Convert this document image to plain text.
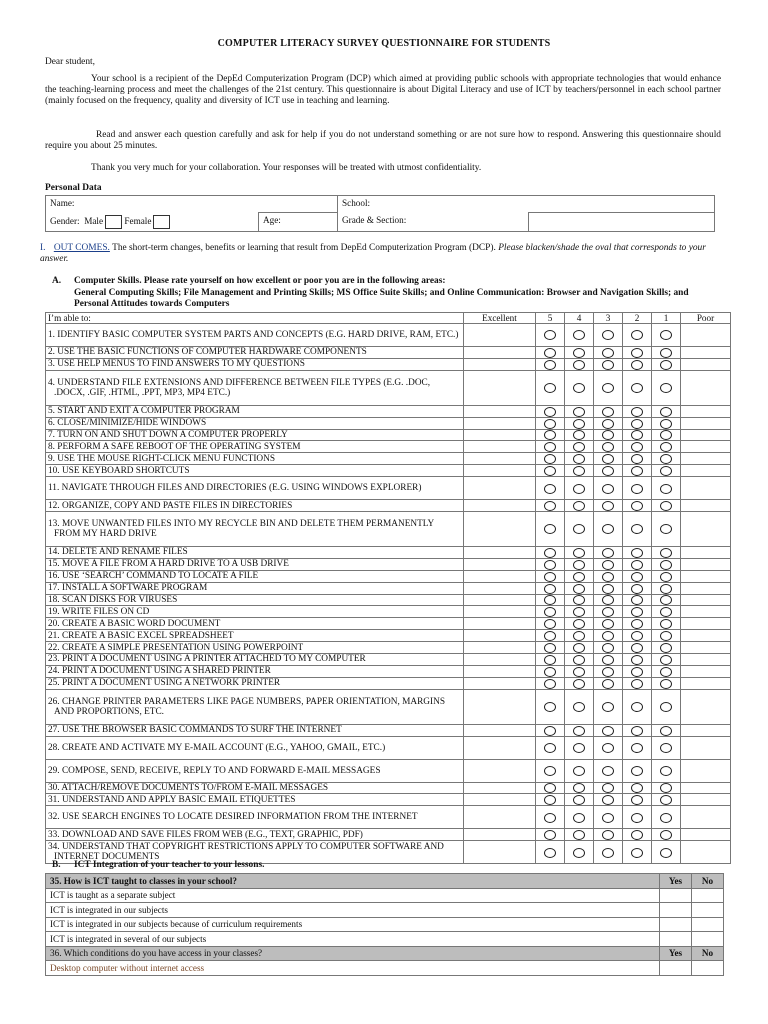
COMPUTER LITERACY SURVEY QUESTIONNAIRE FOR STUDENTS
Dear student,
Your school is a recipient of the DepEd Computerization Program (DCP) which aimed at providing public schools with appropriate technologies that would enhance the teaching-learning process and meet the challenges of the 21st century. This questionnaire is about Digital Literacy and use of ICT by teachers/personnel in each school partner (mainly focused on the frequency, quality and diversity of ICT use in teaching and learning.
Read and answer each question carefully and ask for help if you do not understand something or are not sure how to respond. Answering this questionnaire should require you about 25 minutes.
Thank you very much for your collaboration. Your responses will be treated with utmost confidentiality.
Personal Data
Name:		School:	
Gender: Male Female	Age:	Grade & Section:	
I. OUT COMES. The short-term changes, benefits or learning that result from DepEd Computerization Program (DCP). Please blacken/shade the oval that corresponds to your answer.
A. Computer Skills. Please rate yourself on how excellent or poor you are in the following areas:
General Computing Skills; File Management and Printing Skills; MS Office Suite Skills; and Online Communication: Browser and Navigation Skills; and Personal Attitudes towards Computers
I’m able to:	Excellent	5	4	3	2	1	Poor
1. IDENTIFY BASIC COMPUTER SYSTEM PARTS AND CONCEPTS (E.G. HARD DRIVE, RAM, ETC.)							
2. USE THE BASIC FUNCTIONS OF COMPUTER HARDWARE COMPONENTS							
3. USE HELP MENUS TO FIND ANSWERS TO MY QUESTIONS							
4. UNDERSTAND FILE EXTENSIONS AND DIFFERENCE BETWEEN FILE TYPES (E.G. .DOC, .DOCX, .GIF, .HTML, .PPT, MP3, MP4 ETC.)							
5. START AND EXIT A COMPUTER PROGRAM							
6. CLOSE/MINIMIZE/HIDE WINDOWS							
7. TURN ON AND SHUT DOWN A COMPUTER PROPERLY							
8. PERFORM A SAFE REBOOT OF THE OPERATING SYSTEM							
9. USE THE MOUSE RIGHT-CLICK MENU FUNCTIONS							
10. USE KEYBOARD SHORTCUTS							
11. NAVIGATE THROUGH FILES AND DIRECTORIES (E.G. USING WINDOWS EXPLORER)							
12. ORGANIZE, COPY AND PASTE FILES IN DIRECTORIES							
13. MOVE UNWANTED FILES INTO MY RECYCLE BIN AND DELETE THEM PERMANENTLY FROM MY HARD DRIVE							
14. DELETE AND RENAME FILES							
15. MOVE A FILE FROM A HARD DRIVE TO A USB DRIVE							
16. USE ‘SEARCH’ COMMAND TO LOCATE A FILE							
17. INSTALL A SOFTWARE PROGRAM							
18. SCAN DISKS FOR VIRUSES							
19. WRITE FILES ON CD							
20. CREATE A BASIC WORD DOCUMENT							
21. CREATE A BASIC EXCEL SPREADSHEET							
22. CREATE A SIMPLE PRESENTATION USING POWERPOINT							
23. PRINT A DOCUMENT USING A PRINTER ATTACHED TO MY COMPUTER							
24. PRINT A DOCUMENT USING A SHARED PRINTER							
25. PRINT A DOCUMENT USING A NETWORK PRINTER							
26. CHANGE PRINTER PARAMETERS LIKE PAGE NUMBERS, PAPER ORIENTATION, MARGINS AND PROPORTIONS, ETC.							
27. USE THE BROWSER BASIC COMMANDS TO SURF THE INTERNET							
28. CREATE AND ACTIVATE MY E-MAIL ACCOUNT (E.G., YAHOO, GMAIL, ETC.)							
29. COMPOSE, SEND, RECEIVE, REPLY TO AND FORWARD E-MAIL MESSAGES							
30. ATTACH/REMOVE DOCUMENTS TO/FROM E-MAIL MESSAGES							
31. UNDERSTAND AND APPLY BASIC EMAIL ETIQUETTES							
32. USE SEARCH ENGINES TO LOCATE DESIRED INFORMATION FROM THE INTERNET							
33. DOWNLOAD AND SAVE FILES FROM WEB (E.G., TEXT, GRAPHIC, PDF)							
34. UNDERSTAND THAT COPYRIGHT RESTRICTIONS APPLY TO COMPUTER SOFTWARE AND INTERNET DOCUMENTS							
B. ICT Integration of your teacher to your lessons.
35. How is ICT taught to classes in your school?	Yes	No
ICT is taught as a separate subject		
ICT is integrated in our subjects		
ICT is integrated in our subjects because of curriculum requirements		
ICT is integrated in several of our subjects		
36. Which conditions do you have access in your classes?	Yes	No
Desktop computer without internet access		
